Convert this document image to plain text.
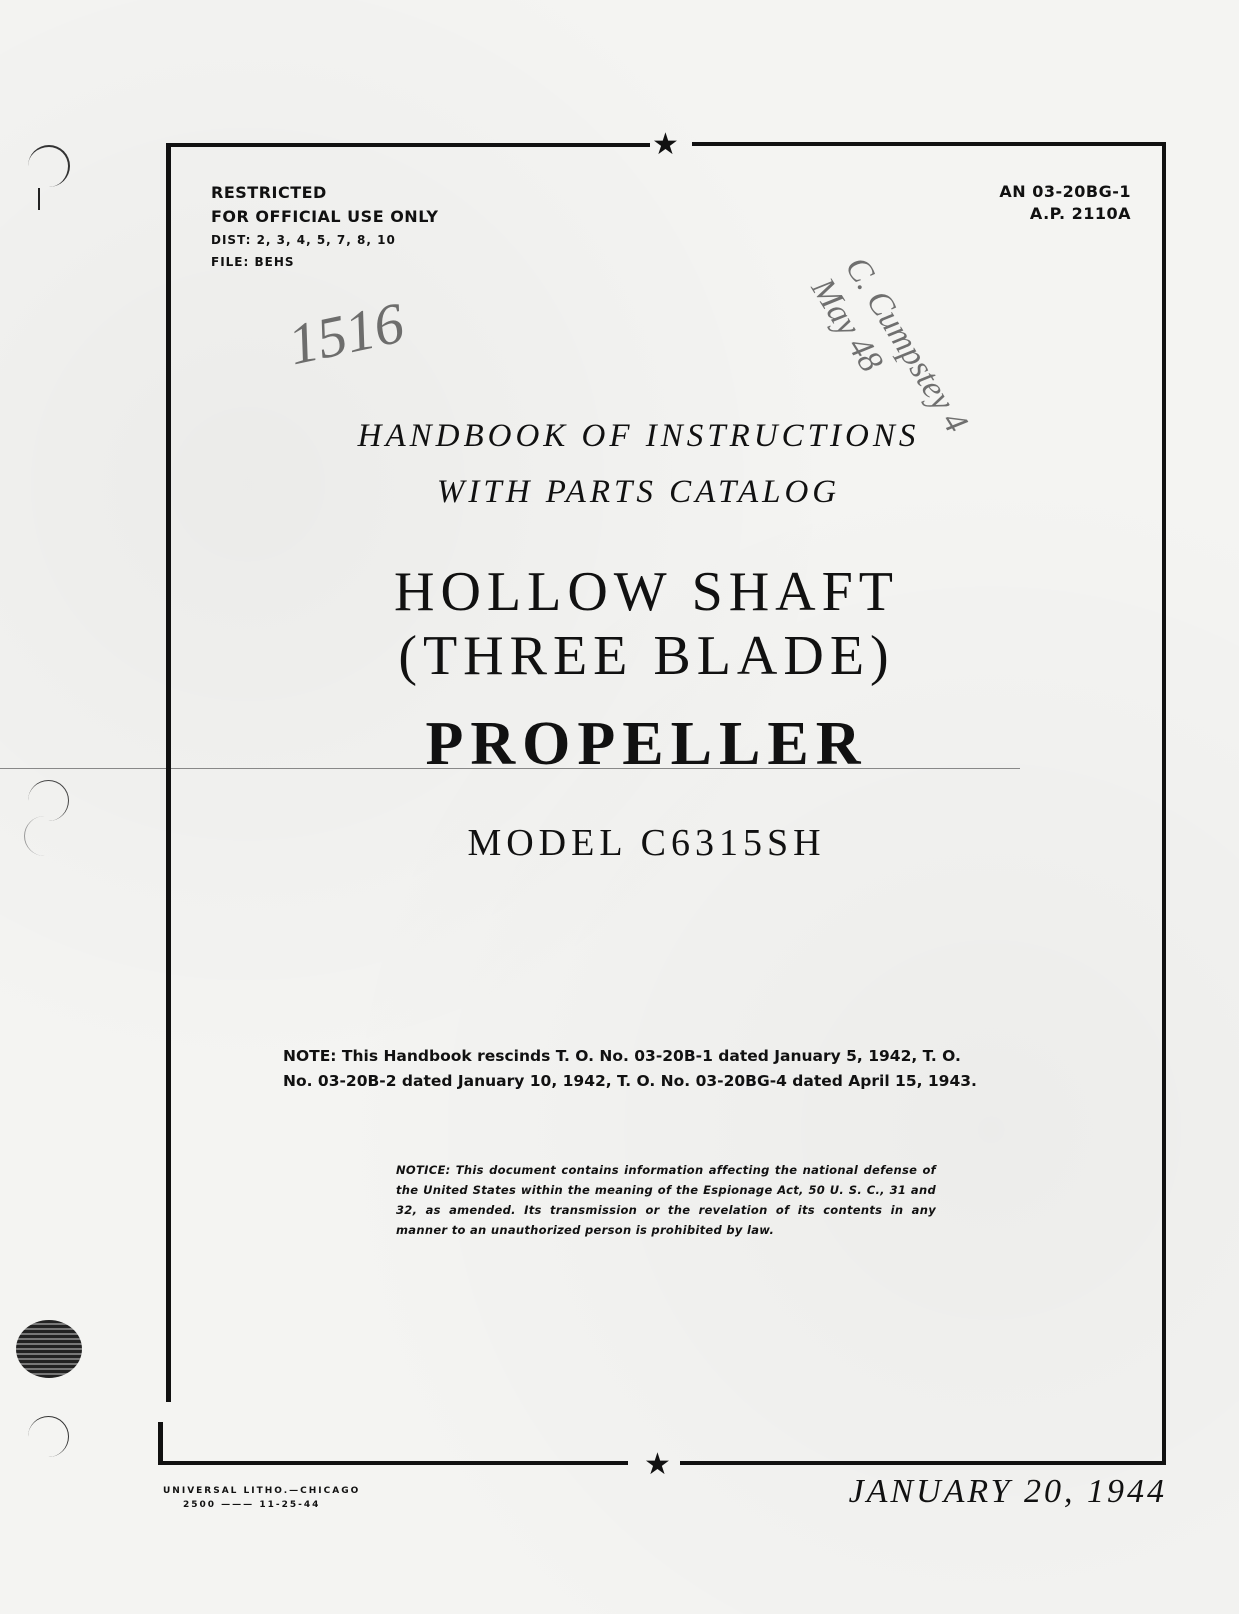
★
★
RESTRICTED
FOR OFFICIAL USE ONLY
DIST: 2, 3, 4, 5, 7, 8, 10
FILE: BEHS
AN 03-20BG-1
A.P. 2110A
1516	C. Cumpstey 4 May 48
HANDBOOK OF INSTRUCTIONS
WITH PARTS CATALOG
HOLLOW SHAFT
(THREE BLADE)
PROPELLER
MODEL C6315SH
NOTE: This Handbook rescinds T. O. No. 03-20B-1 dated January 5, 1942, T. O.
No. 03-20B-2 dated January 10, 1942, T. O. No. 03-20BG-4 dated April 15, 1943.
NOTICE: This document contains information affecting the national defense of the United States within the meaning of the Espionage Act, 50 U. S. C., 31 and 32, as amended. Its transmission or the revelation of its contents in any manner to an unauthorized person is prohibited by law.
UNIVERSAL LITHO.—CHICAGO
2500 ——— 11-25-44	JANUARY 20, 1944
